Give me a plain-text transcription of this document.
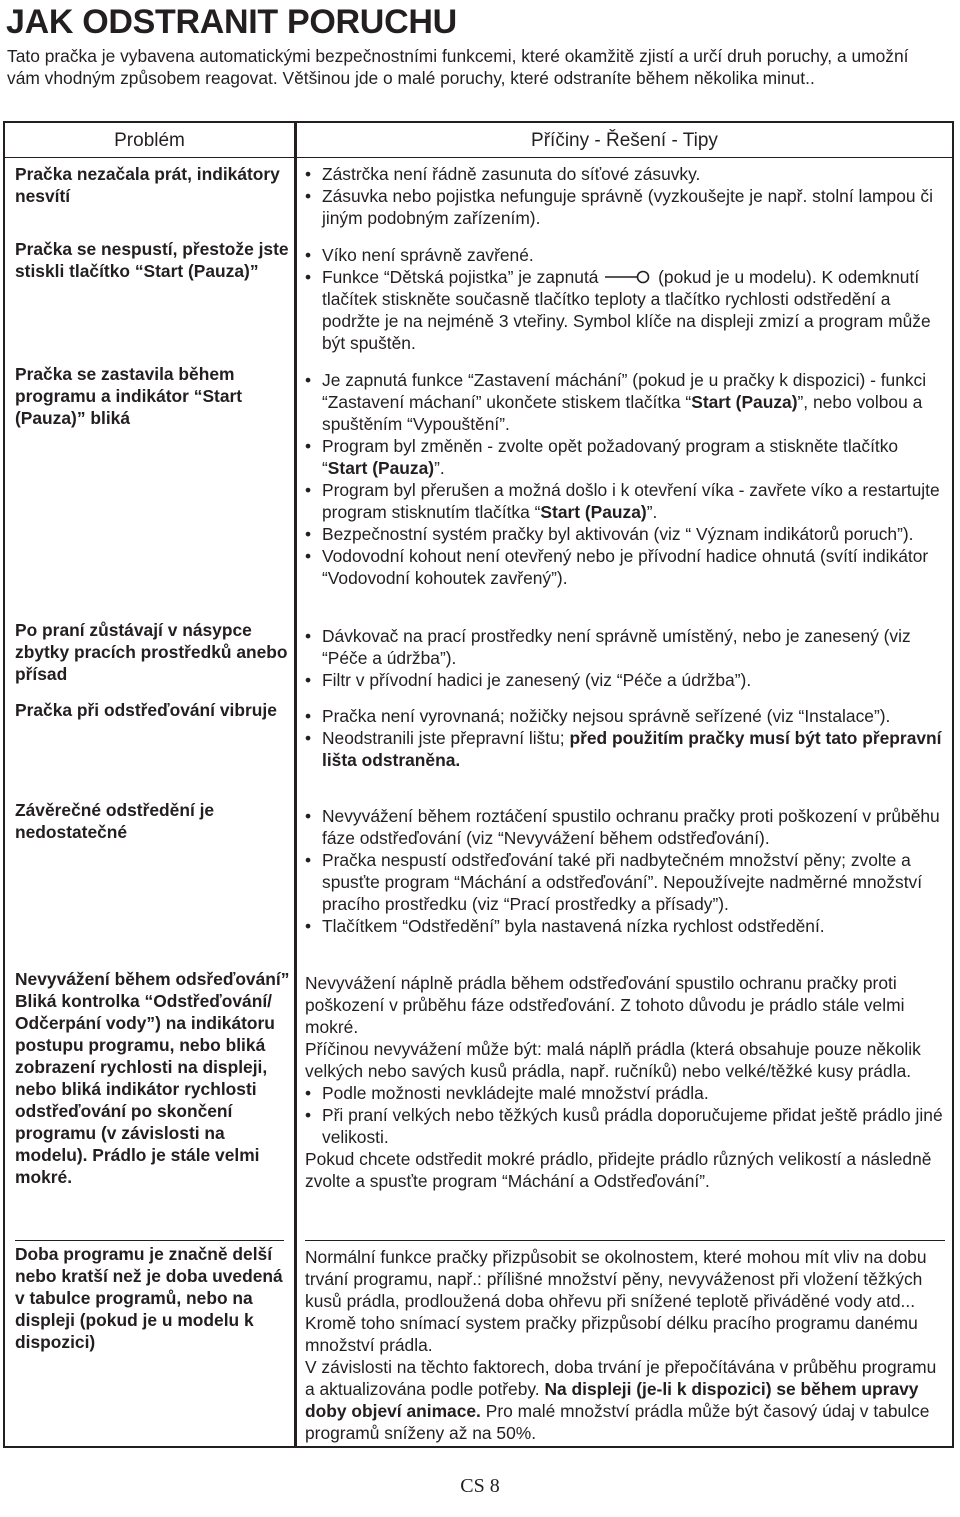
JAK ODSTRANIT PORUCHU
Tato pračka je vybavena automatickými bezpečnostními funkcemi, které okamžitě zjistí a určí druh poruchy, a umožní vám vhodným způsobem reagovat. Většinou jde o malé poruchy, které odstraníte během několika minut..
Problém
Pračka nezačala prát, indikátory nesvítí
Pračka se nespustí, přestože jste stiskli tlačítko “Start (Pauza)”
Pračka se zastavila během programu a indikátor “Start (Pauza)” bliká
Po praní zůstávají v násypce zbytky pracích prostředků anebo přísad
Pračka při odstřeďování vibruje
Závěrečné odstředění je nedostatečné
Nevyvážení během odsřeďování” Bliká kontrolka “Odstřeďování/ Odčerpání vody”) na indikátoru postupu programu, nebo bliká zobrazení rychlosti na displeji, nebo bliká indikátor rychlosti odstřeďování po skončení programu (v závislosti na modelu). Prádlo je stále velmi mokré.
Doba programu je značně delší nebo kratší než je doba uvedená v tabulce programů, nebo na displeji (pokud je u modelu k dispozici)
Příčiny - Řešení - Tipy
• Zástrčka není řádně zasunuta do síťové zásuvky.
• Zásuvka nebo pojistka nefunguje správně (vyzkoušejte je např. stolní lampou či jiným podobným zařízením).
• Víko není správně zavřené.
• Funkce “Dětská pojistka” je zapnutá	(pokud je u modelu). K odemknutí tlačítek stiskněte současně tlačítko teploty a tlačítko rychlosti odstředění a podržte je na nejméně 3 vteřiny. Symbol klíče na displeji zmizí a program může být spuštěn.
• Je zapnutá funkce “Zastavení máchání” (pokud je u pračky k dispozici) - funkci “Zastavení máchaní” ukončete stiskem tlačítka “Start (Pauza)”, nebo volbou a spuštěním “Vypouštění”.
• Program byl změněn - zvolte opět požadovaný program a stiskněte tlačítko “Start (Pauza)”.
• Program byl přerušen a možná došlo i k otevření víka - zavřete víko a restartujte program stisknutím tlačítka “Start (Pauza)”.
• Bezpečnostní systém pračky byl aktivován (viz “ Význam indikátorů poruch”).
• Vodovodní kohout není otevřený nebo je přívodní hadice ohnutá (svítí indikátor “Vodovodní kohoutek zavřený”).
• Dávkovač na prací prostředky není správně umístěný, nebo je zanesený (viz “Péče a údržba”).
• Filtr v přívodní hadici je zanesený (viz “Péče a údržba”).
• Pračka není vyrovnaná; nožičky nejsou správně seřízené (viz “Instalace”).
• Neodstranili jste přepravní lištu; před použitím pračky musí být tato přepravní lišta odstraněna.
• Nevyvážení během roztáčení spustilo ochranu pračky proti poškození v průběhu fáze odstřeďování (viz “Nevyvážení během odstřeďování).
• Pračka nespustí odstřeďování také při nadbytečném množství pěny; zvolte a spusťte program “Máchání a odstřeďování”. Nepoužívejte nadměrné množství pracího prostředku (viz “Prací prostředky a přísady”).
• Tlačítkem “Odstředění” byla nastavená nízka rychlost odstředění.
Nevyvážení náplně prádla během odstřeďování spustilo ochranu pračky proti poškození v průběhu fáze odstřeďování. Z tohoto důvodu je prádlo stále velmi mokré.
Příčinou nevyvážení může být: malá náplň prádla (která obsahuje pouze několik velkých nebo savých kusů prádla, např. ručníků) nebo velké/těžké kusy prádla.
• Podle možnosti nevkládejte malé množství prádla.
• Při praní velkých nebo těžkých kusů prádla doporučujeme přidat ještě prádlo jiné velikosti.
Pokud chcete odstředit mokré prádlo, přidejte prádlo různých velikostí a následně zvolte a spusťte program “Máchání a Odstřeďování”.
Normální funkce pračky přizpůsobit se okolnostem, které mohou mít vliv na dobu trvání programu, např.: přílišné množství pěny, nevyváženost při vložení těžkých kusů prádla, prodloužená doba ohřevu při snížené teplotě přiváděné vody atd... Kromě toho snímací system pračky přizpůsobí délku pracího programu danému množství prádla.
V závislosti na těchto faktorech, doba trvání je přepočítávána v průběhu programu a aktualizována podle potřeby. Na displeji (je-li k dispozici) se během upravy doby objeví animace. Pro malé množství prádla může být časový údaj v tabulce programů sníženy až na 50%.
CS 8
